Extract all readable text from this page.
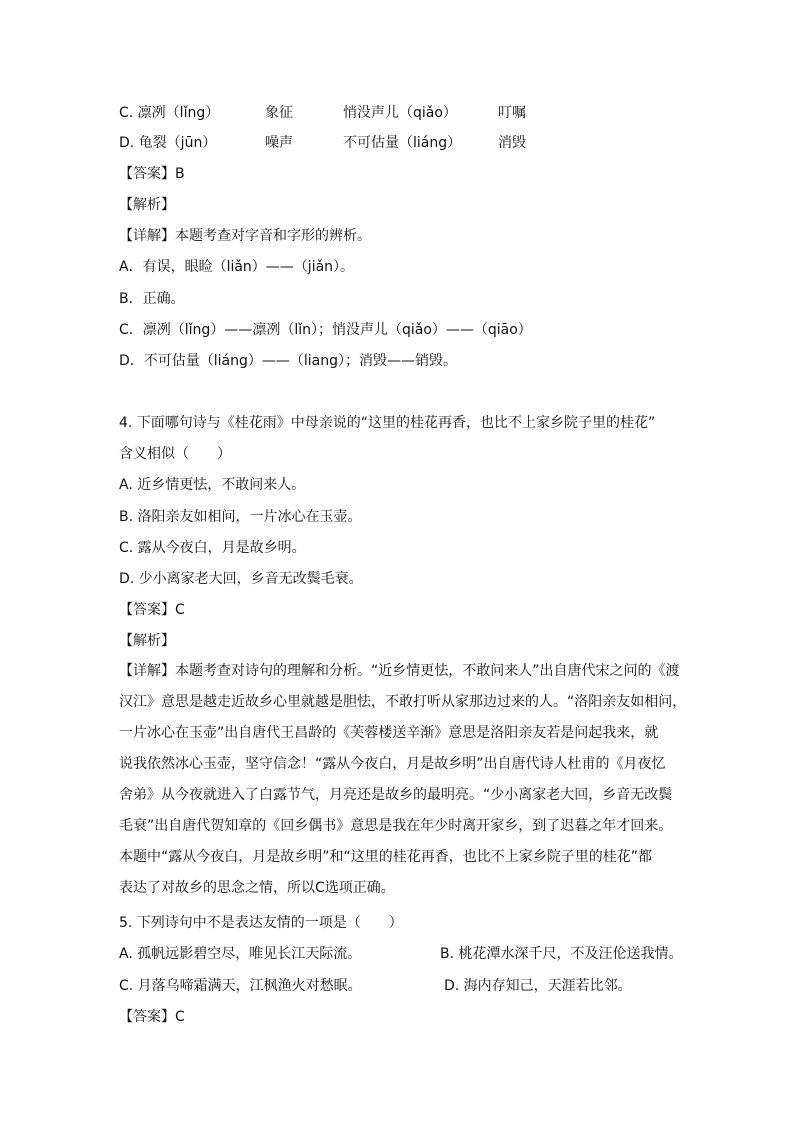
C. 凛冽（lǐng）	象征	悄没声儿（qiǎo）	叮嘱
D. 龟裂（jūn）	噪声	不可估量（liáng）	消毁
【答案】B
【解析】
【详解】本题考查对字音和字形的辨析。
A．有误，眼睑（liǎn）——（jiǎn）。
B．正确。
C．凛冽（lǐng）——凛冽（lǐn）；悄没声儿（qiǎo）——（qiāo）
D．不可估量（liáng）——（liang）；消毁——销毁。
4. 下面哪句诗与《桂花雨》中母亲说的“这里的桂花再香，也比不上家乡院子里的桂花”
含义相似（　　）
A. 近乡情更怯，不敢问来人。
B. 洛阳亲友如相问，一片冰心在玉壶。
C. 露从今夜白，月是故乡明。
D. 少小离家老大回，乡音无改鬓毛衰。
【答案】C
【解析】

【详解】本题考查对诗句的理解和分析。“近乡情更怯，不敢问来人”出自唐代宋之问的《渡

汉江》意思是越走近故乡心里就越是胆怯，不敢打听从家那边过来的人。“洛阳亲友如相问，

一片冰心在玉壶”出自唐代王昌龄的《芙蓉楼送辛渐》意思是洛阳亲友若是问起我来，就

说我依然冰心玉壶，坚守信念！“露从今夜白，月是故乡明”出自唐代诗人杜甫的《月夜忆

舍弟》从今夜就进入了白露节气，月亮还是故乡的最明亮。“少小离家老大回，乡音无改鬓

毛衰”出自唐代贺知章的《回乡偶书》意思是我在年少时离开家乡，到了迟暮之年才回来。

本题中“露从今夜白，月是故乡明”和“这里的桂花再香，也比不上家乡院子里的桂花”都

表达了对故乡的思念之情，所以C选项正确。

5. 下列诗句中不是表达友情的一项是（　　）
A. 孤帆远影碧空尽，唯见长江天际流。	B. 桃花潭水深千尺，不及汪伦送我情。
C. 月落乌啼霜满天，江枫渔火对愁眠。	D. 海内存知己，天涯若比邻。
【答案】C
